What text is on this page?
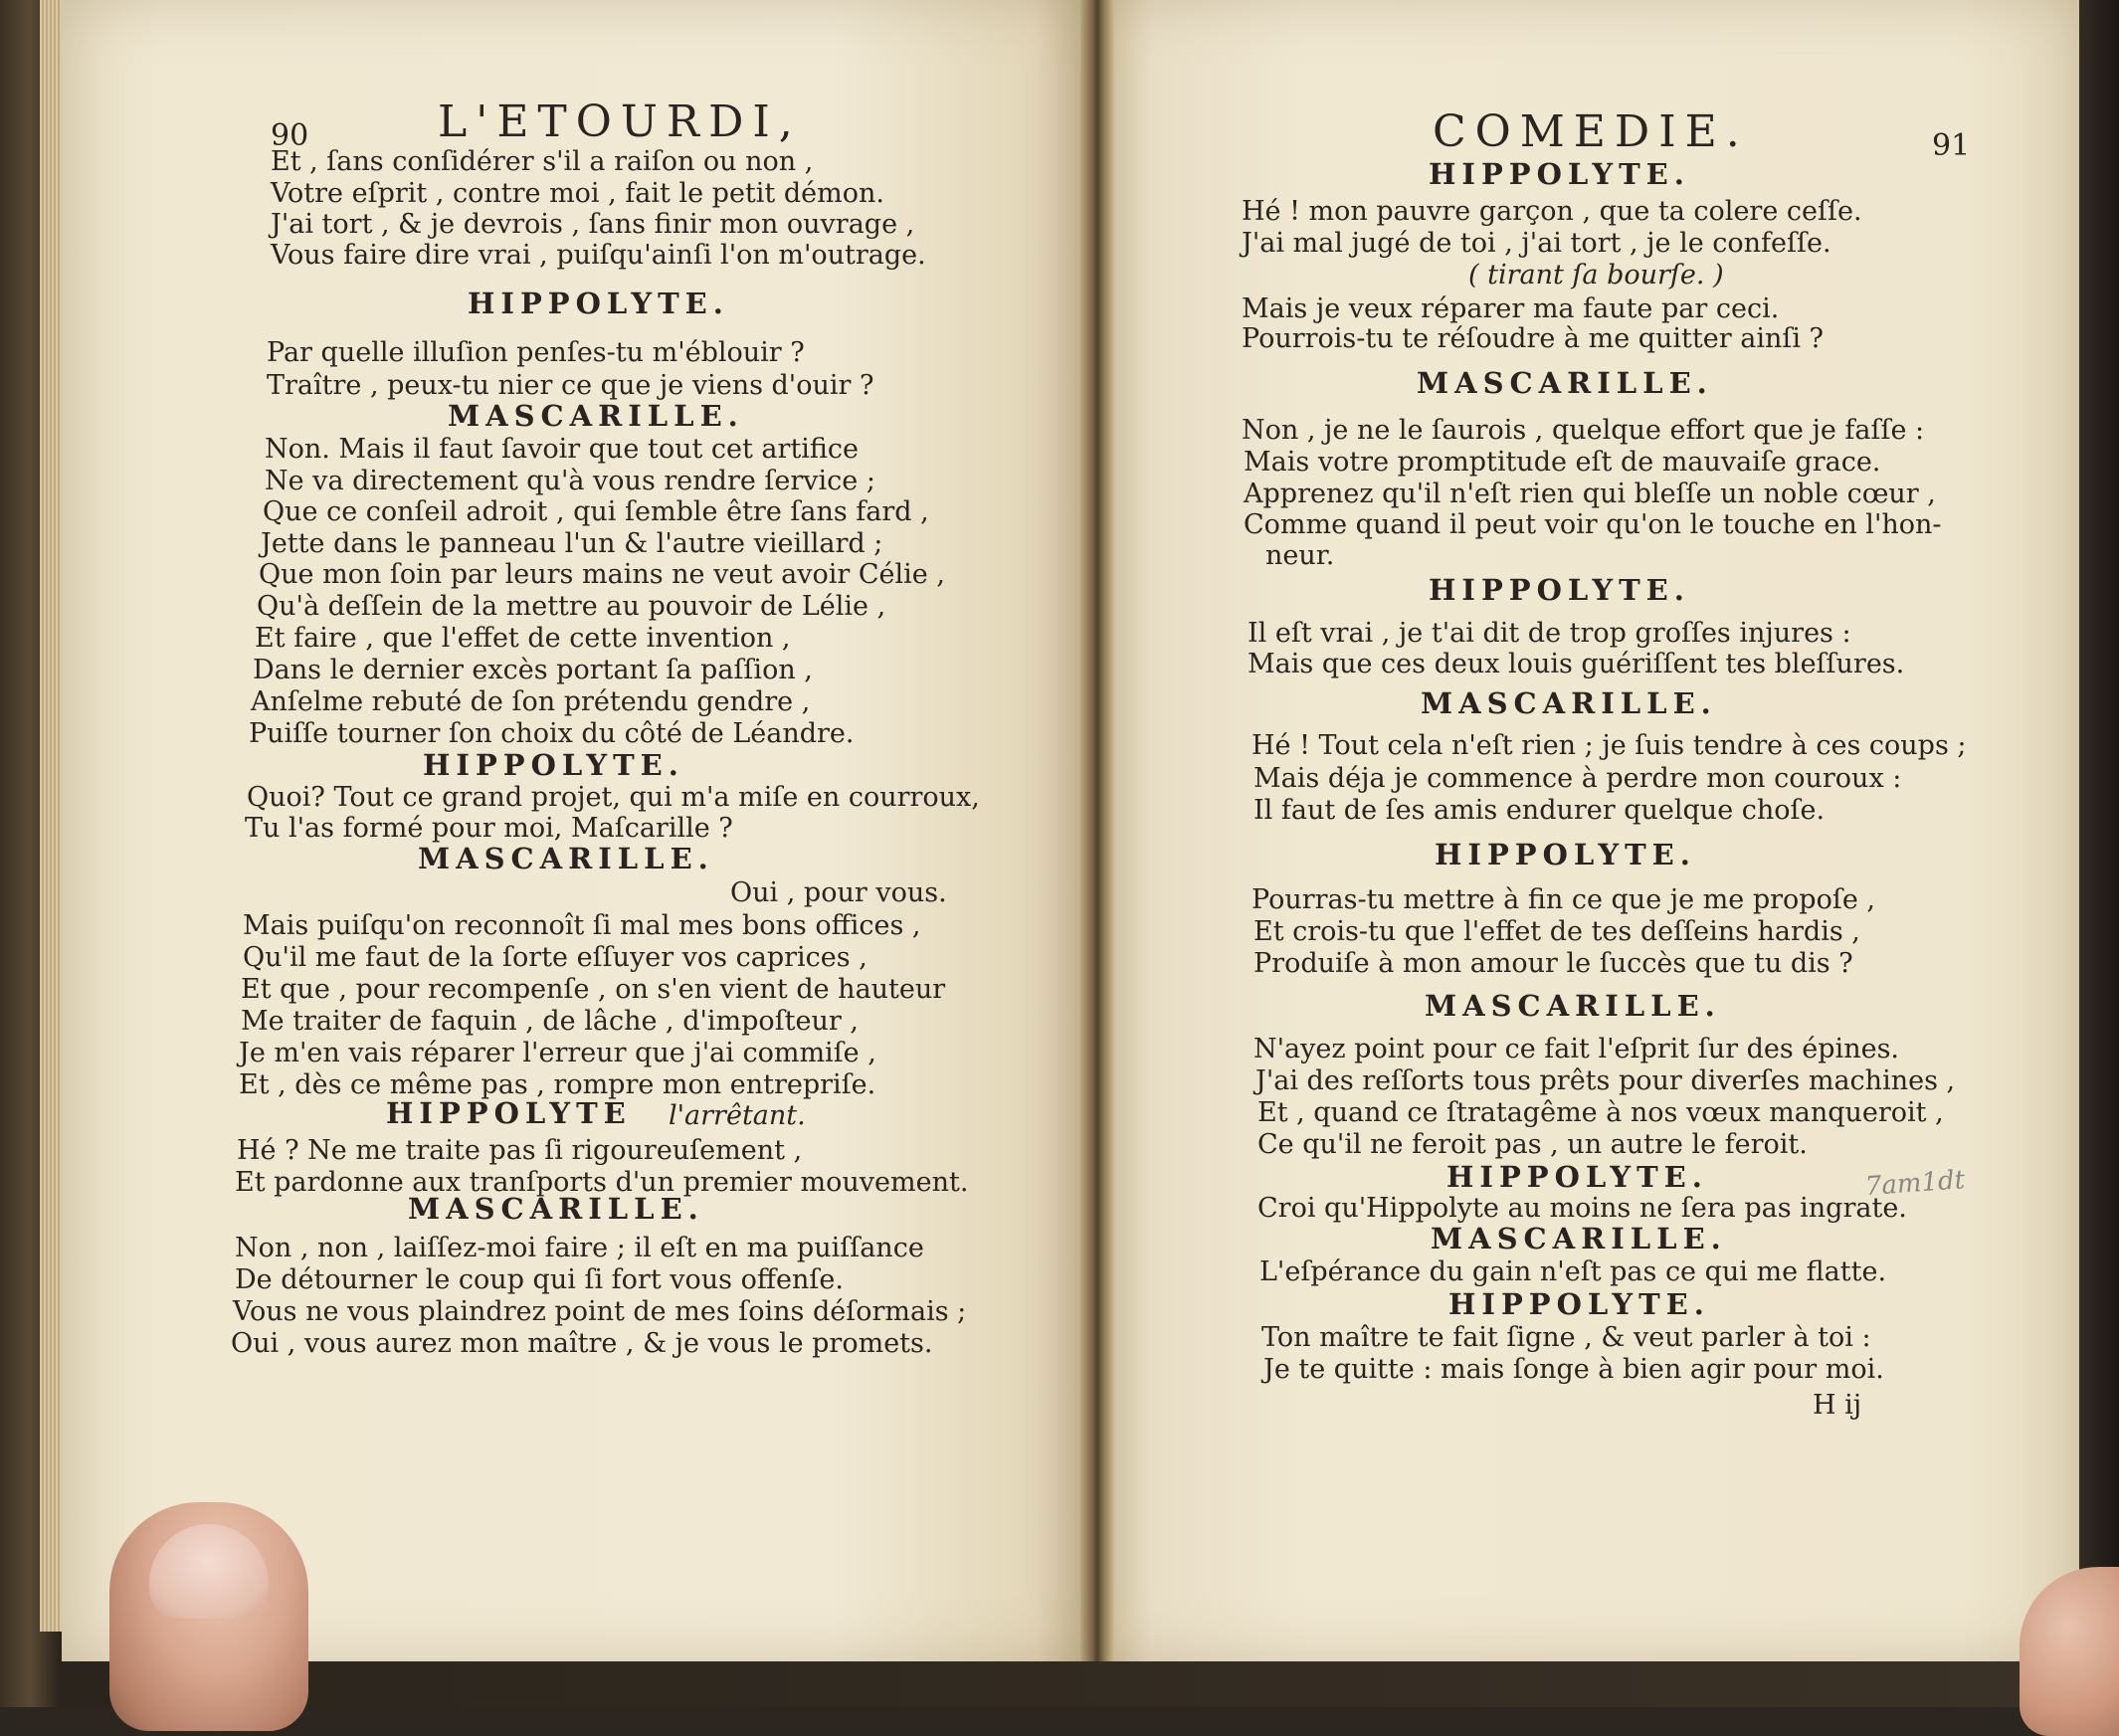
90	L'ETOURDI,
Et , ſans conſidérer s'il a raiſon ou non ,
Votre eſprit , contre moi , fait le petit démon.
J'ai tort , & je devrois , ſans finir mon ouvrage ,
Vous faire dire vrai , puiſqu'ainſi l'on m'outrage.
HIPPOLYTE.
Par quelle illuſion penſes-tu m'éblouir ?
Traître , peux-tu nier ce que je viens d'ouir ?
MASCARILLE.
Non. Mais il faut ſavoir que tout cet artifice
Ne va directement qu'à vous rendre ſervice ;
Que ce conſeil adroit , qui ſemble être ſans fard ,
Jette dans le panneau l'un & l'autre vieillard ;
Que mon ſoin par leurs mains ne veut avoir Célie ,
Qu'à deſſein de la mettre au pouvoir de Lélie ,
Et faire , que l'effet de cette invention ,
Dans le dernier excès portant ſa paſſion ,
Anſelme rebuté de ſon prétendu gendre ,
Puiſſe tourner ſon choix du côté de Léandre.
HIPPOLYTE.
Quoi? Tout ce grand projet, qui m'a miſe en courroux,
Tu l'as formé pour moi, Maſcarille ?
MASCARILLE.
Oui , pour vous.
Mais puiſqu'on reconnoît ſi mal mes bons offices ,
Qu'il me faut de la ſorte eſſuyer vos caprices ,
Et que , pour recompenſe , on s'en vient de hauteur
Me traiter de faquin , de lâche , d'impoſteur ,
Je m'en vais réparer l'erreur que j'ai commiſe ,
Et , dès ce même pas , rompre mon entrepriſe.
HIPPOLYTE l'arrêtant.
Hé ? Ne me traite pas ſi rigoureuſement ,
Et pardonne aux tranſports d'un premier mouvement.
MASCARILLE.
Non , non , laiſſez-moi faire ; il eſt en ma puiſſance
De détourner le coup qui ſi fort vous offenſe.
Vous ne vous plaindrez point de mes ſoins déſormais ;
Oui , vous aurez mon maître , & je vous le promets.
COMEDIE.	91
HIPPOLYTE.
Hé ! mon pauvre garçon , que ta colere ceſſe.
J'ai mal jugé de toi , j'ai tort , je le confeſſe.
( tirant ſa bourſe. )
Mais je veux réparer ma faute par ceci.
Pourrois-tu te réſoudre à me quitter ainſi ?
MASCARILLE.
Non , je ne le ſaurois , quelque effort que je faſſe :
Mais votre promptitude eſt de mauvaiſe grace.
Apprenez qu'il n'eſt rien qui bleſſe un noble cœur ,
Comme quand il peut voir qu'on le touche en l'hon-
neur.
HIPPOLYTE.
Il eſt vrai , je t'ai dit de trop groſſes injures :
Mais que ces deux louis guériſſent tes bleſſures.
MASCARILLE.
Hé ! Tout cela n'eſt rien ; je ſuis tendre à ces coups ;
Mais déja je commence à perdre mon couroux :
Il faut de ſes amis endurer quelque choſe.
HIPPOLYTE.
Pourras-tu mettre à fin ce que je me propoſe ,
Et crois-tu que l'effet de tes deſſeins hardis ,
Produiſe à mon amour le ſuccès que tu dis ?
MASCARILLE.
N'ayez point pour ce fait l'eſprit ſur des épines.
J'ai des reſſorts tous prêts pour diverſes machines ,
Et , quand ce ſtratagême à nos vœux manqueroit ,
Ce qu'il ne feroit pas , un autre le feroit.
HIPPOLYTE.
Croi qu'Hippolyte au moins ne ſera pas ingrate.
MASCARILLE.
L'eſpérance du gain n'eſt pas ce qui me flatte.
HIPPOLYTE.
Ton maître te fait ſigne , & veut parler à toi :
Je te quitte : mais ſonge à bien agir pour moi.
H ij
7am1dt
